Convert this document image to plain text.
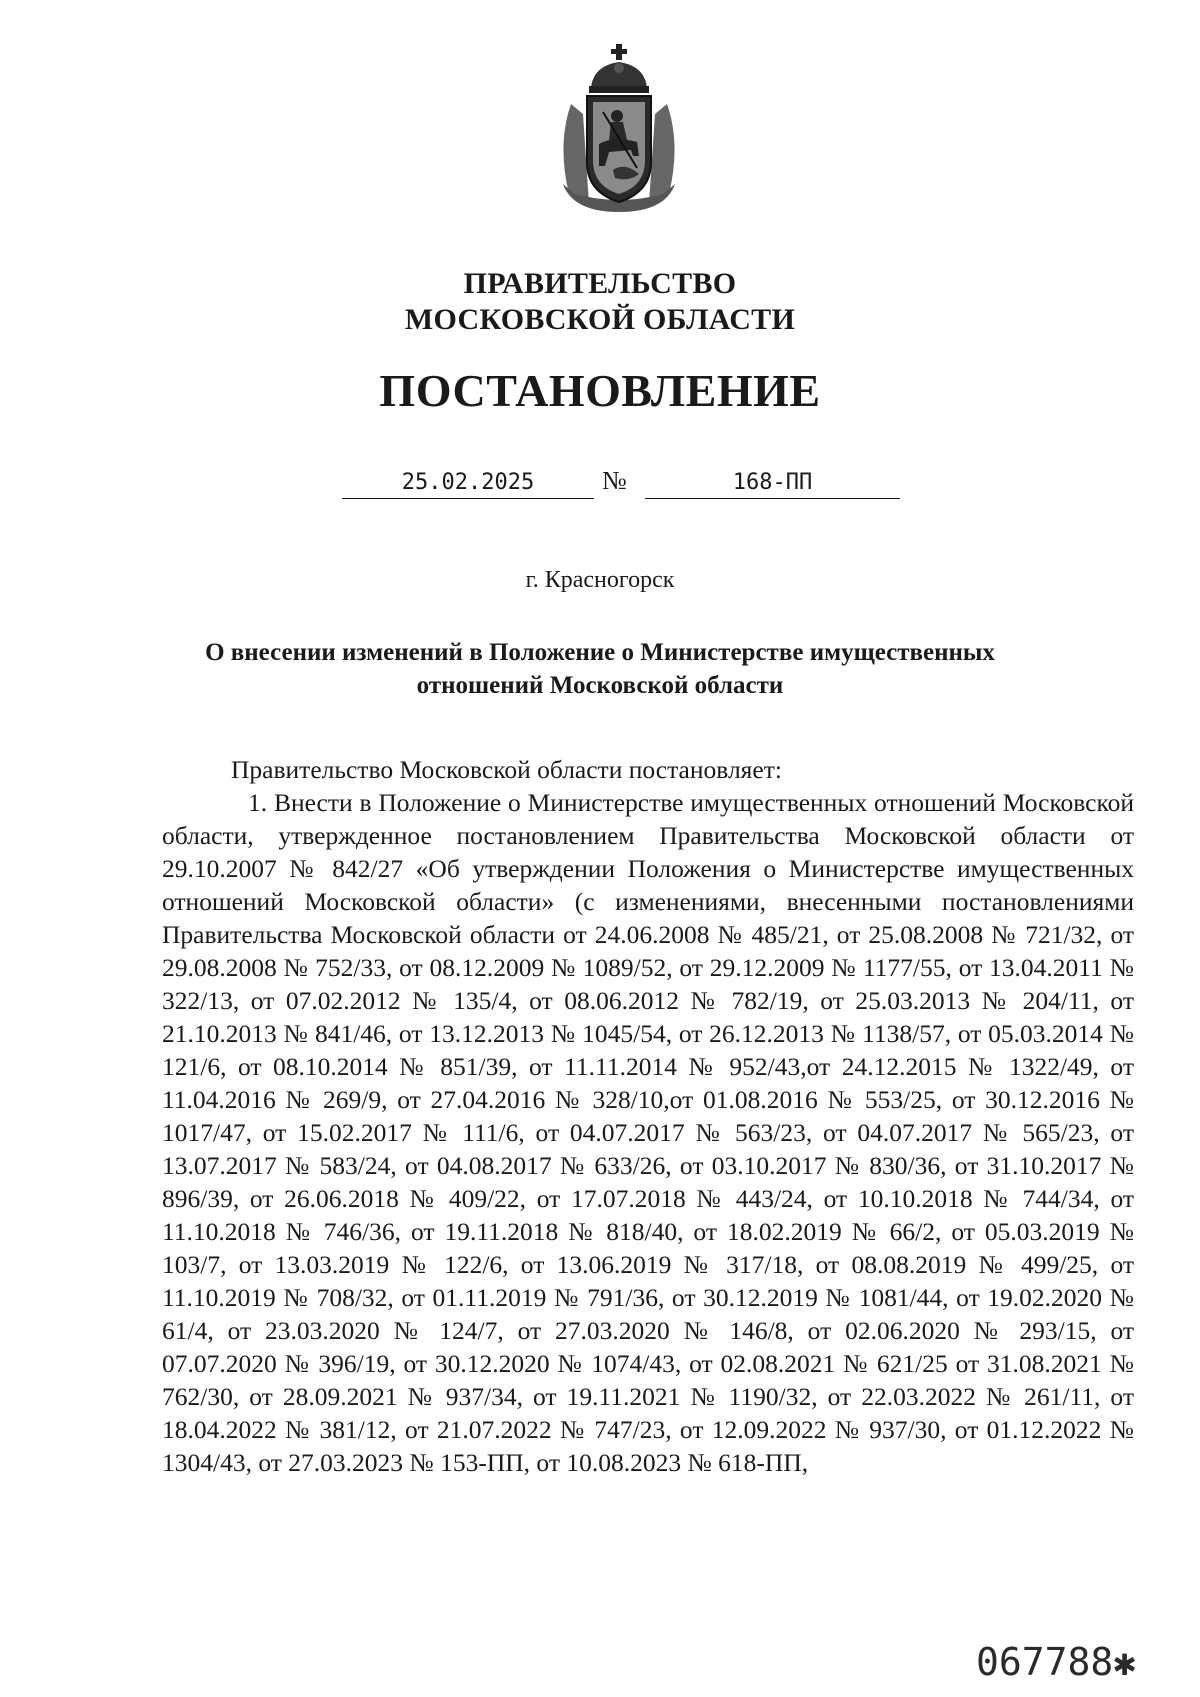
ПРАВИТЕЛЬСТВО
МОСКОВСКОЙ ОБЛАСТИ
ПОСТАНОВЛЕНИЕ
25.02.2025	№	168-ПП
г. Красногорск
О внесении изменений в Положение о Министерстве имущественных отношений Московской области

Правительство Московской области постановляет:

1. Внести в Положение о Министерстве имущественных отношений Московской области, утвержденное постановлением Правительства Московской области от 29.10.2007 № 842/27 «Об утверждении Положения о Министерстве имущественных отношений Московской области» (с изменениями, внесенными постановлениями Правительства Московской области от 24.06.2008 № 485/21, от 25.08.2008 № 721/32, от 29.08.2008 № 752/33, от 08.12.2009 № 1089/52, от 29.12.2009 № 1177/55, от 13.04.2011 № 322/13, от 07.02.2012 № 135/4, от 08.06.2012 № 782/19, от 25.03.2013 № 204/11, от 21.10.2013 № 841/46, от 13.12.2013 № 1045/54, от 26.12.2013 № 1138/57, от 05.03.2014 № 121/6, от 08.10.2014 № 851/39, от 11.11.2014 № 952/43,от 24.12.2015 № 1322/49, от 11.04.2016 № 269/9, от 27.04.2016 № 328/10,от 01.08.2016 № 553/25, от 30.12.2016 № 1017/47, от 15.02.2017 № 111/6, от 04.07.2017 № 563/23, от 04.07.2017 № 565/23, от 13.07.2017 № 583/24, от 04.08.2017 № 633/26, от 03.10.2017 № 830/36, от 31.10.2017 № 896/39, от 26.06.2018 № 409/22, от 17.07.2018 № 443/24, от 10.10.2018 № 744/34, от 11.10.2018 № 746/36, от 19.11.2018 № 818/40, от 18.02.2019 № 66/2, от 05.03.2019 № 103/7, от 13.03.2019 № 122/6, от 13.06.2019 № 317/18, от 08.08.2019 № 499/25, от 11.10.2019 № 708/32, от 01.11.2019 № 791/36, от 30.12.2019 № 1081/44, от 19.02.2020 № 61/4, от 23.03.2020 № 124/7, от 27.03.2020 № 146/8, от 02.06.2020 № 293/15, от 07.07.2020 № 396/19, от 30.12.2020 № 1074/43, от 02.08.2021 № 621/25 от 31.08.2021 № 762/30, от 28.09.2021 № 937/34, от 19.11.2021 № 1190/32, от 22.03.2022 № 261/11, от 18.04.2022 № 381/12, от 21.07.2022 № 747/23, от 12.09.2022 № 937/30, от 01.12.2022 № 1304/43, от 27.03.2023 № 153-ПП, от 10.08.2023 № 618-ПП,

067788✱
